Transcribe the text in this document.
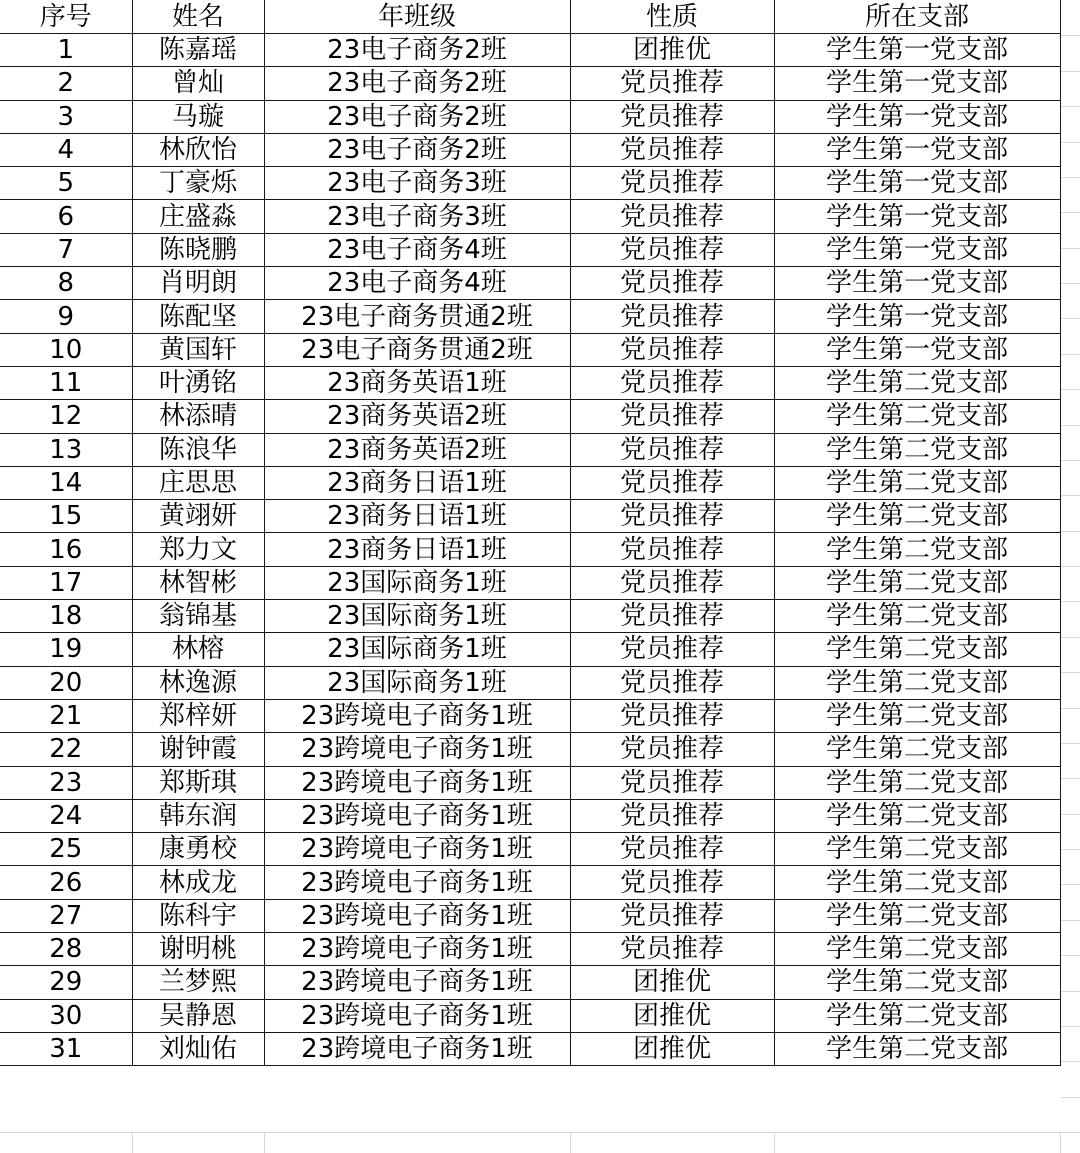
序号	姓名	年班级	性质	所在支部
1	陈嘉瑶	23电子商务2班	团推优	学生第一党支部
2	曾灿	23电子商务2班	党员推荐	学生第一党支部
3	马璇	23电子商务2班	党员推荐	学生第一党支部
4	林欣怡	23电子商务2班	党员推荐	学生第一党支部
5	丁豪烁	23电子商务3班	党员推荐	学生第一党支部
6	庄盛淼	23电子商务3班	党员推荐	学生第一党支部
7	陈晓鹏	23电子商务4班	党员推荐	学生第一党支部
8	肖明朗	23电子商务4班	党员推荐	学生第一党支部
9	陈配坚	23电子商务贯通2班	党员推荐	学生第一党支部
10	黄国轩	23电子商务贯通2班	党员推荐	学生第一党支部
11	叶湧铭	23商务英语1班	党员推荐	学生第二党支部
12	林添晴	23商务英语2班	党员推荐	学生第二党支部
13	陈浪华	23商务英语2班	党员推荐	学生第二党支部
14	庄思思	23商务日语1班	党员推荐	学生第二党支部
15	黄翊妍	23商务日语1班	党员推荐	学生第二党支部
16	郑力文	23商务日语1班	党员推荐	学生第二党支部
17	林智彬	23国际商务1班	党员推荐	学生第二党支部
18	翁锦基	23国际商务1班	党员推荐	学生第二党支部
19	林榕	23国际商务1班	党员推荐	学生第二党支部
20	林逸源	23国际商务1班	党员推荐	学生第二党支部
21	郑梓妍	23跨境电子商务1班	党员推荐	学生第二党支部
22	谢钟霞	23跨境电子商务1班	党员推荐	学生第二党支部
23	郑斯琪	23跨境电子商务1班	党员推荐	学生第二党支部
24	韩东润	23跨境电子商务1班	党员推荐	学生第二党支部
25	康勇校	23跨境电子商务1班	党员推荐	学生第二党支部
26	林成龙	23跨境电子商务1班	党员推荐	学生第二党支部
27	陈科宇	23跨境电子商务1班	党员推荐	学生第二党支部
28	谢明桃	23跨境电子商务1班	党员推荐	学生第二党支部
29	兰梦熙	23跨境电子商务1班	团推优	学生第二党支部
30	吴静恩	23跨境电子商务1班	团推优	学生第二党支部
31	刘灿佑	23跨境电子商务1班	团推优	学生第二党支部
